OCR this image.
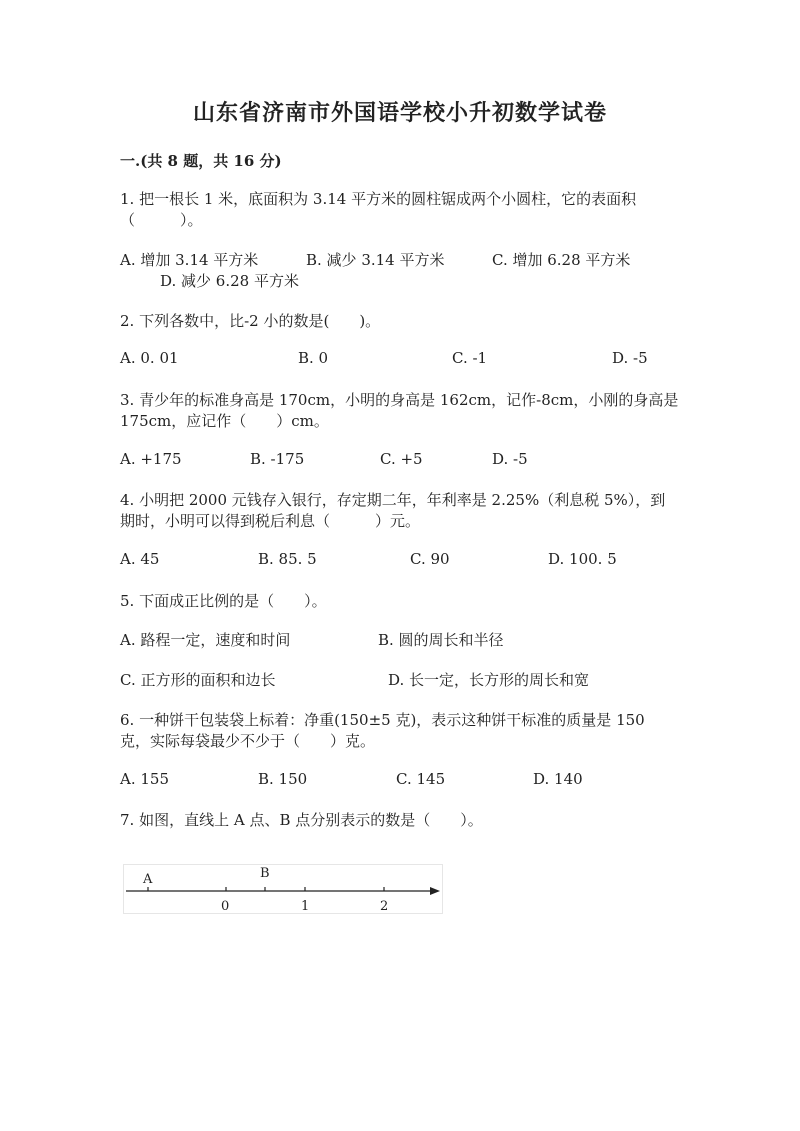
山东省济南市外国语学校小升初数学试卷
一.(共 8 题，共 16 分)
1. 把一根长 1 米，底面积为 3.14 平方米的圆柱锯成两个小圆柱，它的表面积
（　　　）。
A. 增加 3.14 平方米	B. 减少 3.14 平方米	C. 增加 6.28 平方米
D. 减少 6.28 平方米
2. 下列各数中，比-2 小的数是(　　)。
A. 0. 01	B. 0	C. -1	D. -5
3. 青少年的标准身高是 170cm，小明的身高是 162cm，记作-8cm，小刚的身高是
175cm，应记作（　　）cm。
A. +175	B. -175	C. +5	D. -5
4. 小明把 2000 元钱存入银行，存定期二年，年利率是 2.25%（利息税 5%），到
期时，小明可以得到税后利息（　　　）元。
A. 45	B. 85. 5	C. 90	D. 100. 5
5. 下面成正比例的是（　　）。
A. 路程一定，速度和时间	B. 圆的周长和半径
C. 正方形的面积和边长	D. 长一定，长方形的周长和宽
6. 一种饼干包装袋上标着：净重(150±5 克)，表示这种饼干标准的质量是 150
克，实际每袋最少不少于（　　）克。
A. 155	B. 150	C. 145	D. 140
7. 如图，直线上 A 点、B 点分别表示的数是（　　）。
A	B
0	1	2
